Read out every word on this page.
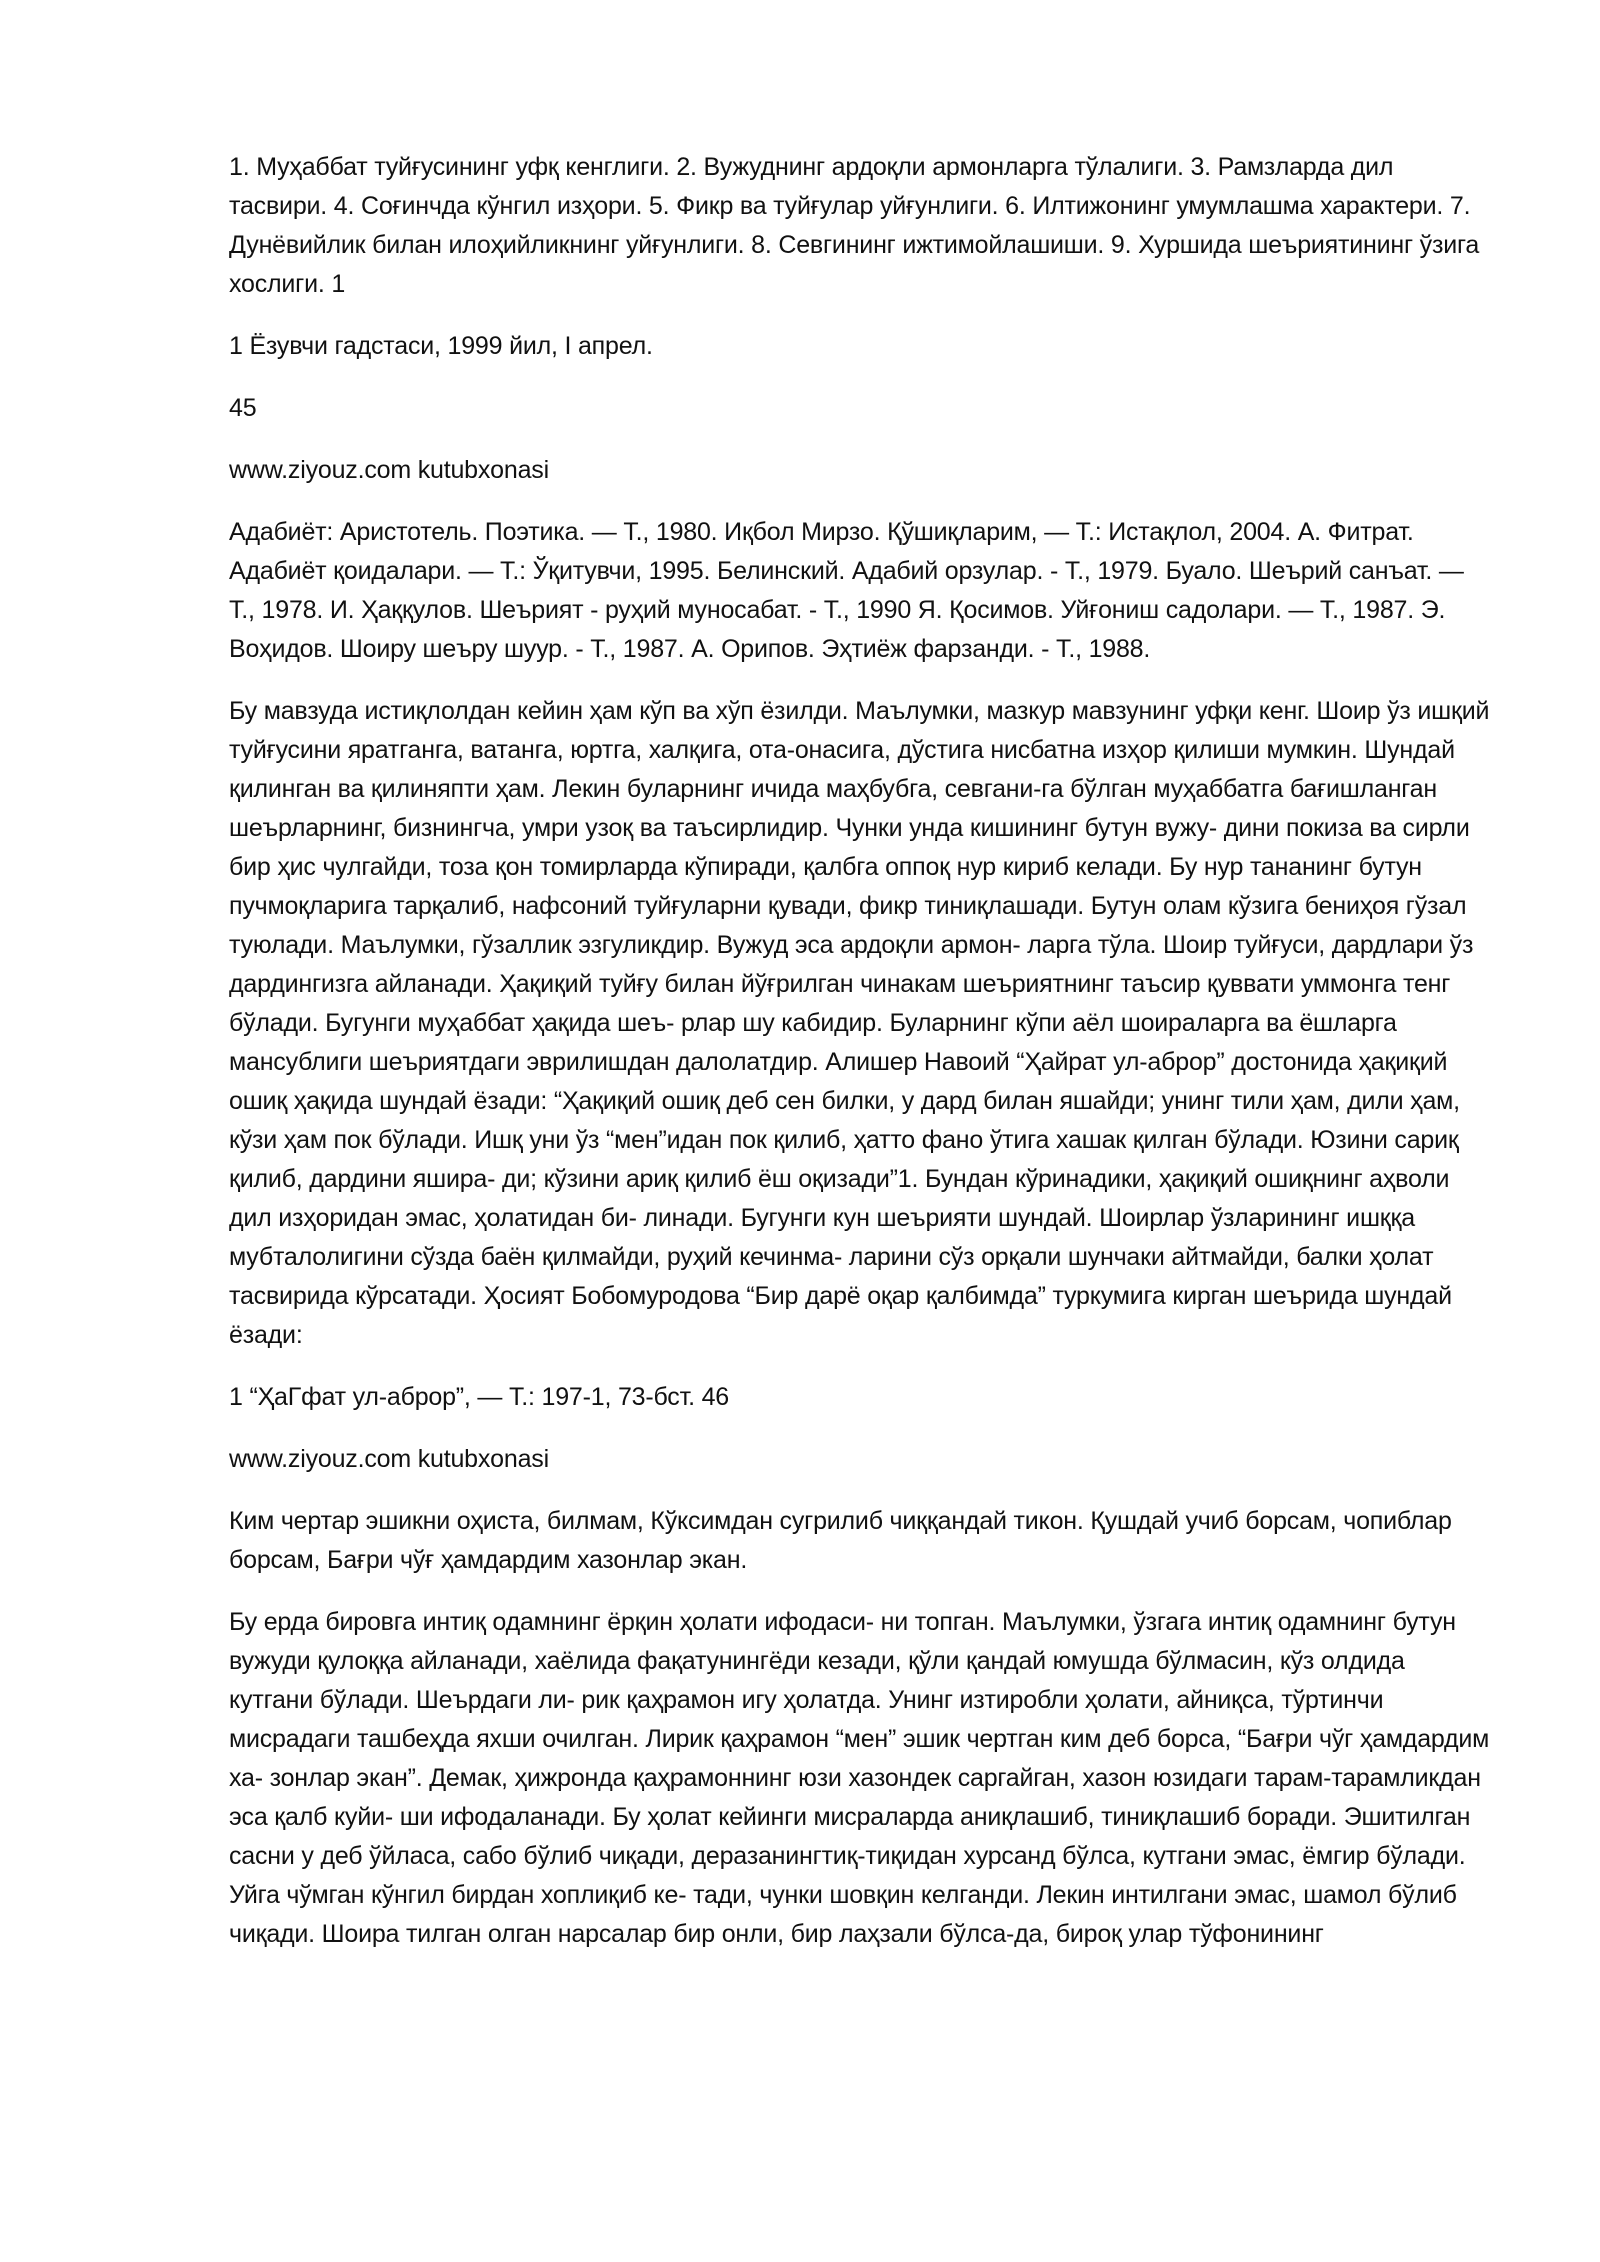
1. Муҳаббат туйғусининг уфқ кенглиги. 2. Вужуднинг ардоқли армонларга тўлалиги. 3. Рамзларда дил тасвири. 4. Соғинчда кўнгил изҳори. 5. Фикр ва туйғулар уйғунлиги. 6. Илтижонинг умумлашма характери. 7. Дунёвийлик билан илоҳийликнинг уйғунлиги. 8. Севгининг ижтимойлашиши. 9. Хуршида шеъриятининг ўзига хослиги. 1

1 Ёзувчи гадстаси, 1999 йил, I апрел.

45

www.ziyouz.com kutubxonasi

Адабиёт: Аристотель. Поэтика. — Т., 1980. Иқбол Мирзо. Қўшиқларим, — Т.: Истақлол, 2004. А. Фитрат. Адабиёт қоидалари. — Т.: Ўқитувчи, 1995. Белинский. Адабий орзулар. - Т., 1979. Буало. Шеърий санъат. — Т., 1978. И. Ҳаққулов. Шеърият - руҳий муносабат. - Т., 1990 Я. Қосимов. Уйғониш садолари. — Т., 1987. Э. Воҳидов. Шоиру шеъру шуур. - Т., 1987. А. Орипов. Эҳтиёж фарзанди. - Т., 1988.

Бу мавзуда истиқлолдан кейин ҳам кўп ва хўп ёзилди. Маълумки, мазкур мавзунинг уфқи кенг. Шоир ўз ишқий туйғусини яратганга, ватанга, юртга, халқига, ота-онасига, дўстига нисбатна изҳор қилиши мумкин. Шундай қилинган ва қилиняпти ҳам. Лекин буларнинг ичида маҳбубга, севгани-га бўлган муҳаббатга бағишланган шеърларнинг, бизнингча, умри узоқ ва таъсирлидир. Чунки унда кишининг бутун вужу- дини покиза ва сирли бир ҳис чулгайди, тоза қон томирларда кўпиради, қалбга оппоқ нур кириб келади. Бу нур тананинг бутун пучмоқларига тарқалиб, нафсоний туйғуларни қувади, фикр тиниқлашади. Бутун олам кўзига бениҳоя гўзал туюлади. Маълумки, гўзаллик эзгуликдир. Вужуд эса ардоқли армон- ларга тўла. Шоир туйғуси, дардлари ўз дардингизга айланади. Ҳақиқий туйғу билан йўғрилган чинакам шеъриятнинг таъсир қуввати уммонга тенг бўлади. Бугунги муҳаббат ҳақида шеъ- рлар шу кабидир. Буларнинг кўпи аёл шоираларга ва ёшларга мансублиги шеъриятдаги эврилишдан далолатдир. Алишер Навоий “Ҳайрат ул-аброр” достонида ҳақиқий ошиқ ҳақида шундай ёзади: “Ҳақиқий ошиқ деб сен билки, у дард билан яшайди; унинг тили ҳам, дили ҳам, кўзи ҳам пок бўлади. Ишқ уни ўз “мен”идан пок қилиб, ҳатто фано ўтига хашак қилган бўлади. Юзини сариқ қилиб, дардини яшира- ди; кўзини ариқ қилиб ёш оқизади”1. Бундан кўринадики, ҳақиқий ошиқнинг аҳволи дил изҳоридан эмас, ҳолатидан би- линади. Бугунги кун шеърияти шундай. Шоирлар ўзларининг ишққа мубталолигини сўзда баён қилмайди, руҳий кечинма- ларини сўз орқали шунчаки айтмайди, балки ҳолат тасвирида кўрсатади. Ҳосият Бобомуродова “Бир дарё оқар қалбимда” туркумига кирган шеърида шундай ёзади:

1 “ҲаГфат ул-аброр”, — Т.: 197-1, 73-бст. 46

www.ziyouz.com kutubxonasi

Ким чертар эшикни оҳиста, билмам, Кўксимдан сугрилиб чиққандай тикон. Қушдай учиб борсам, чопиблар борсам, Бағри чўғ ҳамдардим хазонлар экан.

Бу ерда бировга интиқ одамнинг ёрқин ҳолати ифодаси- ни топган. Маълумки, ўзгага интиқ одамнинг бутун вужуди қулоққа айланади, хаёлида фақатунингёди кезади, қўли қандай юмушда бўлмасин, кўз олдида кутгани бўлади. Шеърдаги ли- рик қаҳрамон игу ҳолатда. Унинг изтиробли ҳолати, айниқса, тўртинчи мисрадаги ташбеҳда яхши очилган. Лирик қаҳрамон “мен” эшик чертган ким деб борса, “Бағри чўг ҳамдардим ха- зонлар экан”. Демак, ҳижронда қаҳрамоннинг юзи хазондек саргайган, хазон юзидаги тарам-тарамликдан эса қалб куйи- ши ифодаланади. Бу ҳолат кейинги мисраларда аниқлашиб, тиниқлашиб боради. Эшитилган сасни у деб ўйласа, сабо бўлиб чиқади, деразанингтиқ-тиқидан хурсанд бўлса, кутгани эмас, ёмгир бўлади. Уйга чўмган кўнгил бирдан хоплиқиб ке- тади, чунки шовқин келганди. Лекин интилгани эмас, шамол бўлиб чиқади. Шоира тилган олган нарсалар бир онли, бир лаҳзали бўлса-да, бироқ улар тўфонининг
